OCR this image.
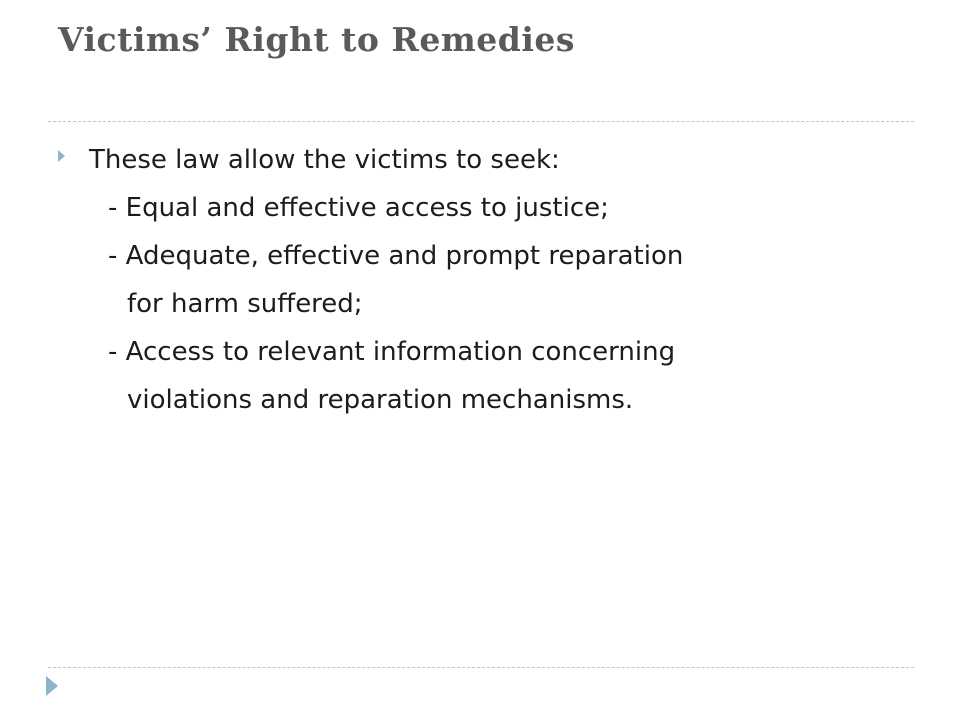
Victims’ Right to Remedies
These law allow the victims to seek:
- Equal and effective access to justice;
- Adequate, effective and prompt reparation
for harm suffered;
- Access to relevant information concerning
violations and reparation mechanisms.
